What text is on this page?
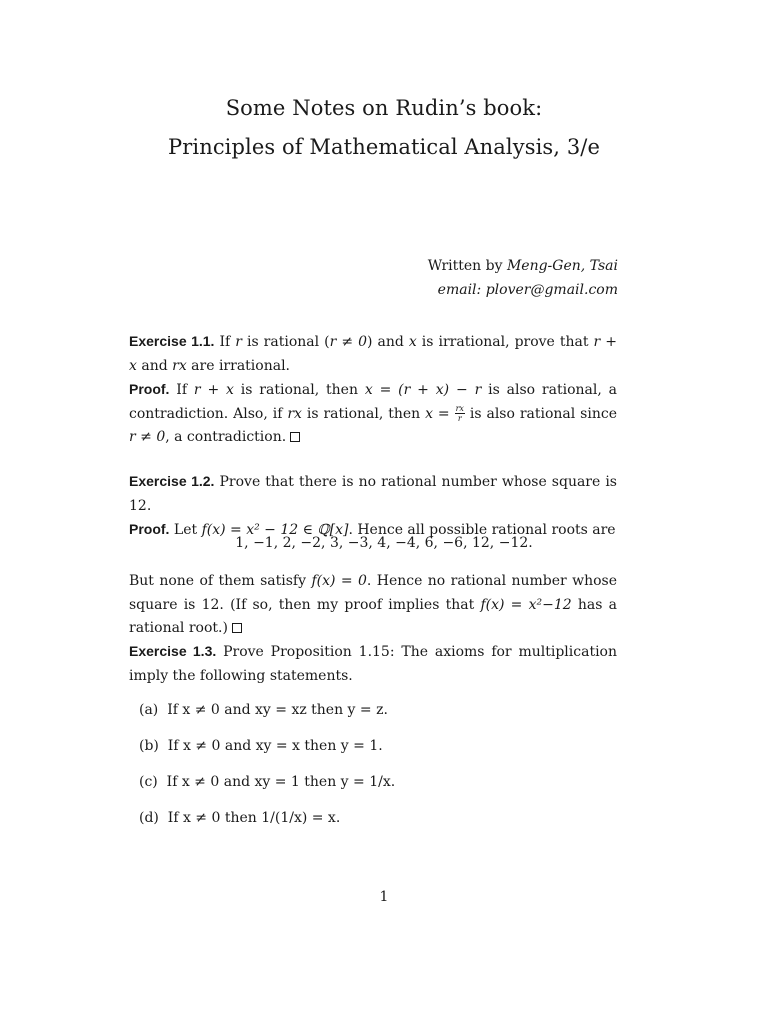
Some Notes on Rudin’s book:
Principles of Mathematical Analysis, 3/e
Written by Meng-Gen, Tsai
email: plover@gmail.com
Exercise 1.1. If r is rational (r ≠ 0) and x is irrational, prove that r + x and rx are irrational.
Proof. If r + x is rational, then x = (r + x) − r is also rational, a contradiction. Also, if rx is rational, then $x = \frac{rx}{r}$ is also rational since r ≠ 0, a contradiction.
Exercise 1.2. Prove that there is no rational number whose square is 12.
Proof. Let f(x) = x² − 12 ∈ ℚ[x]. Hence all possible rational roots are
1, −1, 2, −2, 3, −3, 4, −4, 6, −6, 12, −12.
But none of them satisfy f(x) = 0. Hence no rational number whose square is 12. (If so, then my proof implies that f(x) = x²−12 has a rational root.)
Exercise 1.3. Prove Proposition 1.15: The axioms for multiplication imply the following statements.
(a) If x ≠ 0 and xy = xz then y = z.
(b) If x ≠ 0 and xy = x then y = 1.
(c) If x ≠ 0 and xy = 1 then y = 1/x.
(d) If x ≠ 0 then 1/(1/x) = x.
1
